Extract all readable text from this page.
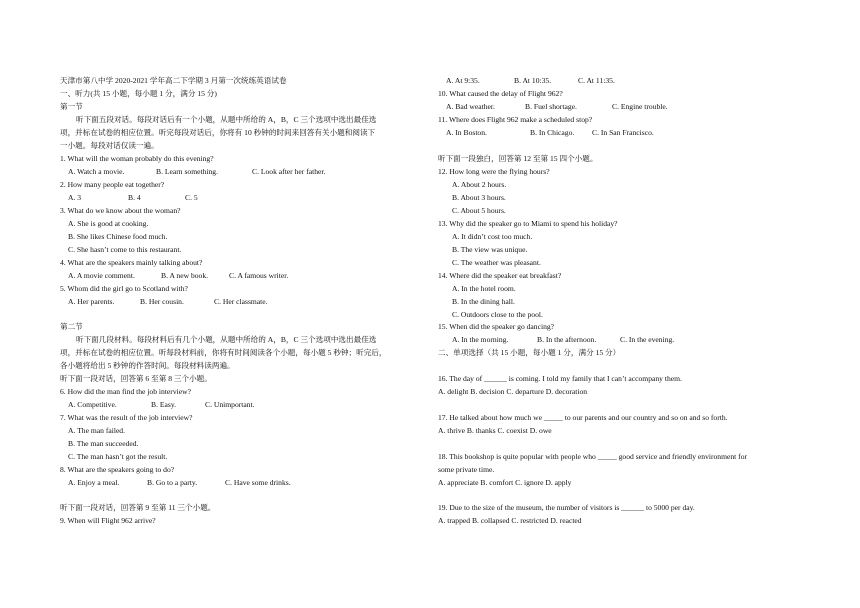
天津市第八中学 2020-2021 学年高二下学期 3 月第一次统练英语试卷
一、听力(共 15 小题，每小题 1 分，满分 15 分)
第一节
听下面五段对话。每段对话后有一个小题，从题中所给的 A，B，C 三个选项中选出最佳选
项，并标在试卷的相应位置。听完每段对话后，你将有 10 秒钟的时间来回答有关小题和阅读下
一小题。每段对话仅读一遍。
1. What will the woman probably do this evening?
A. Watch a movie.	B. Learn something.	C. Look after her father.
2. How many people eat together?
A. 3	B. 4	C. 5
3. What do we know about the woman?
A. She is good at cooking.
B. She likes Chinese food much.
C. She hasn’t come to this restaurant.
4. What are the speakers mainly talking about?
A. A movie comment.	B. A new book.	C. A famous writer.
5. Whom did the girl go to Scotland with?
A. Her parents.	B. Her cousin.	C. Her classmate.
第二节
听下面几段材料。每段材料后有几个小题，从题中所给的 A，B，C 三个选项中选出最佳选
项，并标在试卷的相应位置。听每段材料前，你将有时间阅读各个小题，每小题 5 秒钟；听完后，
各小题将给出 5 秒钟的作答时间。每段材料读两遍。
听下面一段对话，回答第 6 至第 8 三个小题。
6. How did the man find the job interview?
A. Competitive.	B. Easy.	C. Unimportant.
7. What was the result of the job interview?
A. The man failed.
B. The man succeeded.
C. The man hasn’t got the result.
8. What are the speakers going to do?
A. Enjoy a meal.	B. Go to a party.	C. Have some drinks.
听下面一段对话，回答第 9 至第 11 三个小题。
9. When will Flight 962 arrive?
A. At 9:35.	B. At 10:35.	C. At 11:35.
10. What caused the delay of Flight 962?
A. Bad weather.	B. Fuel shortage.	C. Engine trouble.
11. Where does Flight 962 make a scheduled stop?
A. In Boston.	B. In Chicago. C. In San Francisco.
听下面一段独白，回答第 12 至第 15 四个小题。
12. How long were the flying hours?
A. About 2 hours.
B. About 3 hours.
C. About 5 hours.
13. Why did the speaker go to Miami to spend his holiday?
A. It didn’t cost too much.
B. The view was unique.
C. The weather was pleasant.
14. Where did the speaker eat breakfast?
A. In the hotel room.
B. In the dining hall.
C. Outdoors close to the pool.
15. When did the speaker go dancing?
A. In the morning.	B. In the afternoon.	C. In the evening.
二、单项选择（共 15 小题，每小题 1 分，满分 15 分）
16. The day of ______ is coming. I told my family that I can’t accompany them.
A. delight B. decision C. departure D. decoration
17. He talked about how much we _____ to our parents and our country and so on and so forth.
A. thrive B. thanks C. coexist D. owe
18. This bookshop is quite popular with people who _____ good service and friendly environment for
some private time.
A. appreciate B. comfort C. ignore D. apply
19. Due to the size of the museum, the number of visitors is ______ to 5000 per day.
A. trapped B. collapsed C. restricted D. reacted
